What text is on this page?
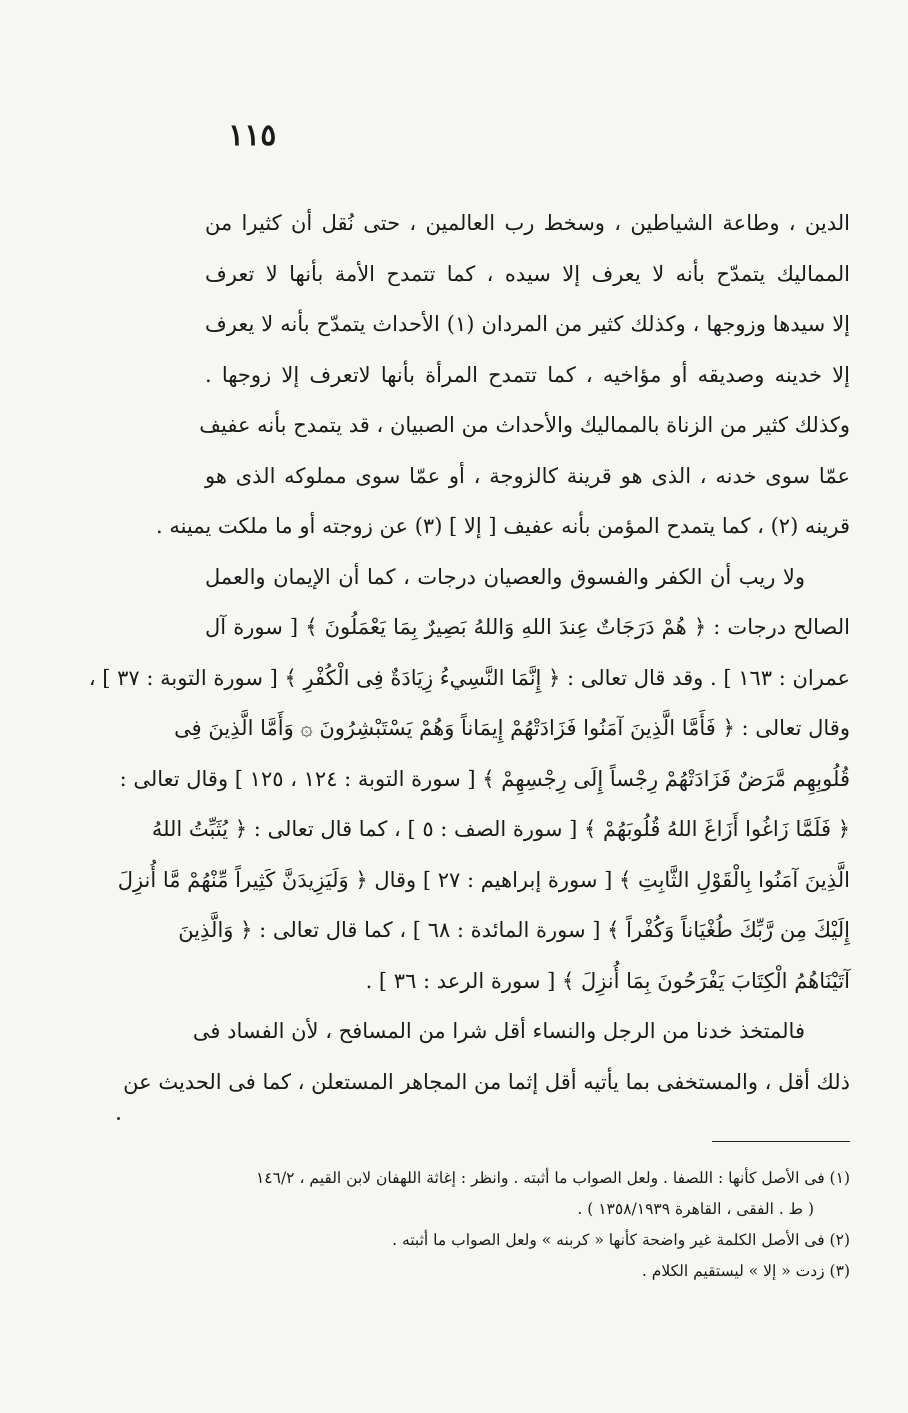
١١٥
الدين ، وطاعة الشياطين ، وسخط رب العالمين ، حتى نُقل أن كثيرا من
المماليك يتمدّح بأنه لا يعرف إلا سيده ، كما تتمدح الأمة بأنها لا تعرف
إلا سيدها وزوجها ، وكذلك كثير من المردان (١) الأحداث يتمدّح بأنه لا يعرف
إلا خدينه وصديقه أو مؤاخيه ، كما تتمدح المرأة بأنها لاتعرف إلا زوجها .
وكذلك كثير من الزناة بالمماليك والأحداث من الصبيان ، قد يتمدح بأنه عفيف
عمّا سوى خدنه ، الذى هو قرينة كالزوجة ، أو عمّا سوى مملوكه الذى هو
قرينه (٢) ، كما يتمدح المؤمن بأنه عفيف [ إلا ] (٣) عن زوجته أو ما ملكت يمينه .
ولا ريب أن الكفر والفسوق والعصيان درجات ، كما أن الإيمان والعمل
الصالح درجات : ﴿ هُمْ دَرَجَاتٌ عِندَ اللهِ وَاللهُ بَصِيرٌ بِمَا يَعْمَلُونَ ﴾ [ سورة آل
عمران : ١٦٣ ] . وقد قال تعالى : ﴿ إِنَّمَا النَّسِيءُ زِيَادَةٌ فِى الْكُفْرِ ﴾ [ سورة التوبة : ٣٧ ] ،
وقال تعالى : ﴿ فَأَمَّا الَّذِينَ آمَنُوا فَزَادَتْهُمْ إِيمَاناً وَهُمْ يَسْتَبْشِرُونَ ۞ وَأَمَّا الَّذِينَ فِى
قُلُوبِهِم مَّرَضٌ فَزَادَتْهُمْ رِجْساً إِلَى رِجْسِهِمْ ﴾ [ سورة التوبة : ١٢٤ ، ١٢٥ ] وقال تعالى :
﴿ فَلَمَّا زَاغُوا أَزَاغَ اللهُ قُلُوبَهُمْ ﴾ [ سورة الصف : ٥ ] ، كما قال تعالى : ﴿ يُثَبِّتُ اللهُ
الَّذِينَ آمَنُوا بِالْقَوْلِ الثَّابِتِ ﴾ [ سورة إبراهيم : ٢٧ ] وقال ﴿ وَلَيَزِيدَنَّ كَثِيراً مِّنْهُمْ مَّا أُنزِلَ
إِلَيْكَ مِن رَّبِّكَ طُغْيَاناً وَكُفْراً ﴾ [ سورة المائدة : ٦٨ ] ، كما قال تعالى : ﴿ وَالَّذِينَ
آتَيْنَاهُمُ الْكِتَابَ يَفْرَحُونَ بِمَا أُنزِلَ ﴾ [ سورة الرعد : ٣٦ ] .
فالمتخذ خدنا من الرجل والنساء أقل شرا من المسافح ، لأن الفساد فى
ذلك أقل ، والمستخفى بما يأتيه أقل إثما من المجاهر المستعلن ، كما فى الحديث عن
(١) فى الأصل كأنها : اللصفا . ولعل الصواب ما أثبته . وانظر : إغاثة اللهفان لابن القيم ، ١٤٦/٢
( ط . الفقى ، القاهرة ١٣٥٨/١٩٣٩ ) .
(٢) فى الأصل الكلمة غير واضحة كأنها « كربنه » ولعل الصواب ما أثبته .
(٣) زدت « إلا » ليستقيم الكلام .
